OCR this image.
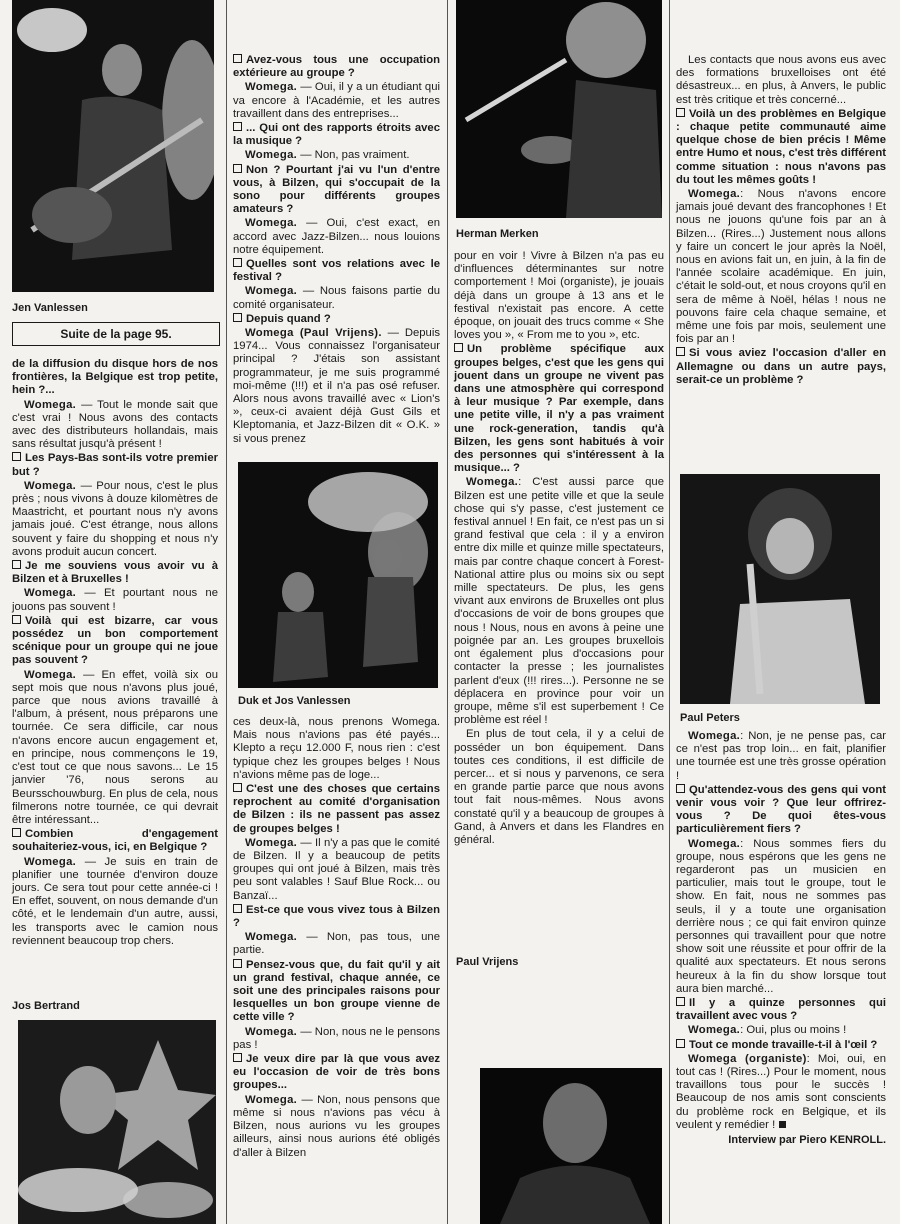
Jen Vanlessen
Suite de la page 95.

de la diffusion du disque hors de nos frontières, la Belgique est trop petite, hein ?...

Womega. — Tout le monde sait que c'est vrai ! Nous avons des contacts avec des distributeurs hollandais, mais sans résultat jusqu'à présent !

Les Pays-Bas sont-ils votre premier but ?

Womega. — Pour nous, c'est le plus près ; nous vivons à douze kilomètres de Maastricht, et pourtant nous n'y avons jamais joué. C'est étrange, nous allons souvent y faire du shopping et nous n'y avons produit aucun concert.

Je me souviens vous avoir vu à Bilzen et à Bruxelles !

Womega. — Et pourtant nous ne jouons pas souvent !

Voilà qui est bizarre, car vous possédez un bon comportement scénique pour un groupe qui ne joue pas souvent ?

Womega. — En effet, voilà six ou sept mois que nous n'avons plus joué, parce que nous avions travaillé à l'album, à présent, nous préparons une tournée. Ce sera difficile, car nous n'avons encore aucun engagement et, en principe, nous commençons le 19, c'est tout ce que nous savons... Le 15 janvier '76, nous serons au Beursschouwburg. En plus de cela, nous filmerons notre tournée, ce qui devrait être intéressant...

Combien d'engagement souhaiteriez-vous, ici, en Belgique ?

Womega. — Je suis en train de planifier une tournée d'environ douze jours. Ce sera tout pour cette année-ci ! En effet, souvent, on nous demande d'un côté, et le lendemain d'un autre, aussi, les transports avec le camion nous reviennent beaucoup trop chers.

Jos Bertrand

Avez-vous tous une occupation extérieure au groupe ?

Womega. — Oui, il y a un étudiant qui va encore à l'Académie, et les autres travaillent dans des entreprises...

... Qui ont des rapports étroits avec la musique ?

Womega. — Non, pas vraiment.

Non ? Pourtant j'ai vu l'un d'entre vous, à Bilzen, qui s'occupait de la sono pour différents groupes amateurs ?

Womega. — Oui, c'est exact, en accord avec Jazz-Bilzen... nous louions notre équipement.

Quelles sont vos relations avec le festival ?

Womega. — Nous faisons partie du comité organisateur.

Depuis quand ?

Womega (Paul Vrijens). — Depuis 1974... Vous connaissez l'organisateur principal ? J'étais son assistant programmateur, je me suis programmé moi-même (!!!) et il n'a pas osé refuser. Alors nous avons travaillé avec « Lion's », ceux-ci avaient déjà Gust Gils et Kleptomania, et Jazz-Bilzen dit « O.K. » si vous prenez

Duk et Jos Vanlessen

ces deux-là, nous prenons Womega. Mais nous n'avions pas été payés... Klepto a reçu 12.000 F, nous rien : c'est typique chez les groupes belges ! Nous n'avions même pas de loge...

C'est une des choses que certains reprochent au comité d'organisation de Bilzen : ils ne passent pas assez de groupes belges !

Womega. — Il n'y a pas que le comité de Bilzen. Il y a beaucoup de petits groupes qui ont joué à Bilzen, mais très peu sont valables ! Sauf Blue Rock... ou Banzaï...

Est-ce que vous vivez tous à Bilzen ?

Womega. — Non, pas tous, une partie.

Pensez-vous que, du fait qu'il y ait un grand festival, chaque année, ce soit une des principales raisons pour lesquelles un bon groupe vienne de cette ville ?

Womega. — Non, nous ne le pensons pas !

Je veux dire par là que vous avez eu l'occasion de voir de très bons groupes...

Womega. — Non, nous pensons que même si nous n'avions pas vécu à Bilzen, nous aurions vu les groupes ailleurs, ainsi nous aurions été obligés d'aller à Bilzen

Herman Merken

pour en voir ! Vivre à Bilzen n'a pas eu d'influences déterminantes sur notre comportement ! Moi (organiste), je jouais déjà dans un groupe à 13 ans et le festival n'existait pas encore. A cette époque, on jouait des trucs comme « She loves you », « From me to you », etc.

Un problème spécifique aux groupes belges, c'est que les gens qui jouent dans un groupe ne vivent pas dans une atmosphère qui correspond à leur musique ? Par exemple, dans une petite ville, il n'y a pas vraiment une rock-generation, tandis qu'à Bilzen, les gens sont habitués à voir des personnes qui s'intéressent à la musique... ?

Womega.: C'est aussi parce que Bilzen est une petite ville et que la seule chose qui s'y passe, c'est justement ce festival annuel ! En fait, ce n'est pas un si grand festival que cela : il y a environ entre dix mille et quinze mille spectateurs, mais par contre chaque concert à Forest-National attire plus ou moins six ou sept mille spectateurs. De plus, les gens vivant aux environs de Bruxelles ont plus d'occasions de voir de bons groupes que nous ! Nous, nous en avons à peine une poignée par an. Les groupes bruxellois ont également plus d'occasions pour contacter la presse ; les journalistes parlent d'eux (!!! rires...). Personne ne se déplacera en province pour voir un groupe, même s'il est superbement ! Ce problème est réel !

En plus de tout cela, il y a celui de posséder un bon équipement. Dans toutes ces conditions, il est difficile de percer... et si nous y parvenons, ce sera en grande partie parce que nous avons tout fait nous-mêmes. Nous avons constaté qu'il y a beaucoup de groupes à Gand, à Anvers et dans les Flandres en général.

Paul Vrijens

Les contacts que nous avons eus avec des formations bruxelloises ont été désastreux... en plus, à Anvers, le public est très critique et très concerné...

Voilà un des problèmes en Belgique : chaque petite communauté aime quelque chose de bien précis ! Même entre Humo et nous, c'est très différent comme situation : nous n'avons pas du tout les mêmes goûts !

Womega.: Nous n'avons encore jamais joué devant des francophones ! Et nous ne jouons qu'une fois par an à Bilzen... (Rires...) Justement nous allons y faire un concert le jour après la Noël, nous en avions fait un, en juin, à la fin de l'année scolaire académique. En juin, c'était le sold-out, et nous croyons qu'il en sera de même à Noël, hélas ! nous ne pouvons faire cela chaque semaine, et même une fois par mois, seulement une fois par an !

Si vous aviez l'occasion d'aller en Allemagne ou dans un autre pays, serait-ce un problème ?

Paul Peters

Womega.: Non, je ne pense pas, car ce n'est pas trop loin... en fait, planifier une tournée est une très grosse opération !

Qu'attendez-vous des gens qui vont venir vous voir ? Que leur offrirez-vous ? De quoi êtes-vous particulièrement fiers ?

Womega.: Nous sommes fiers du groupe, nous espérons que les gens ne regarderont pas un musicien en particulier, mais tout le groupe, tout le show. En fait, nous ne sommes pas seuls, il y a toute une organisation derrière nous ; ce qui fait environ quinze personnes qui travaillent pour que notre show soit une réussite et pour offrir de la qualité aux spectateurs. Et nous serons heureux à la fin du show lorsque tout aura bien marché...

Il y a quinze personnes qui travaillent avec vous ?

Womega.: Oui, plus ou moins !

Tout ce monde travaille-t-il à l'œil ?

Womega (organiste): Moi, oui, en tout cas ! (Rires...) Pour le moment, nous travaillons tous pour le succès ! Beaucoup de nos amis sont conscients du problème rock en Belgique, et ils veulent y remédier !

Interview par Piero KENROLL.
